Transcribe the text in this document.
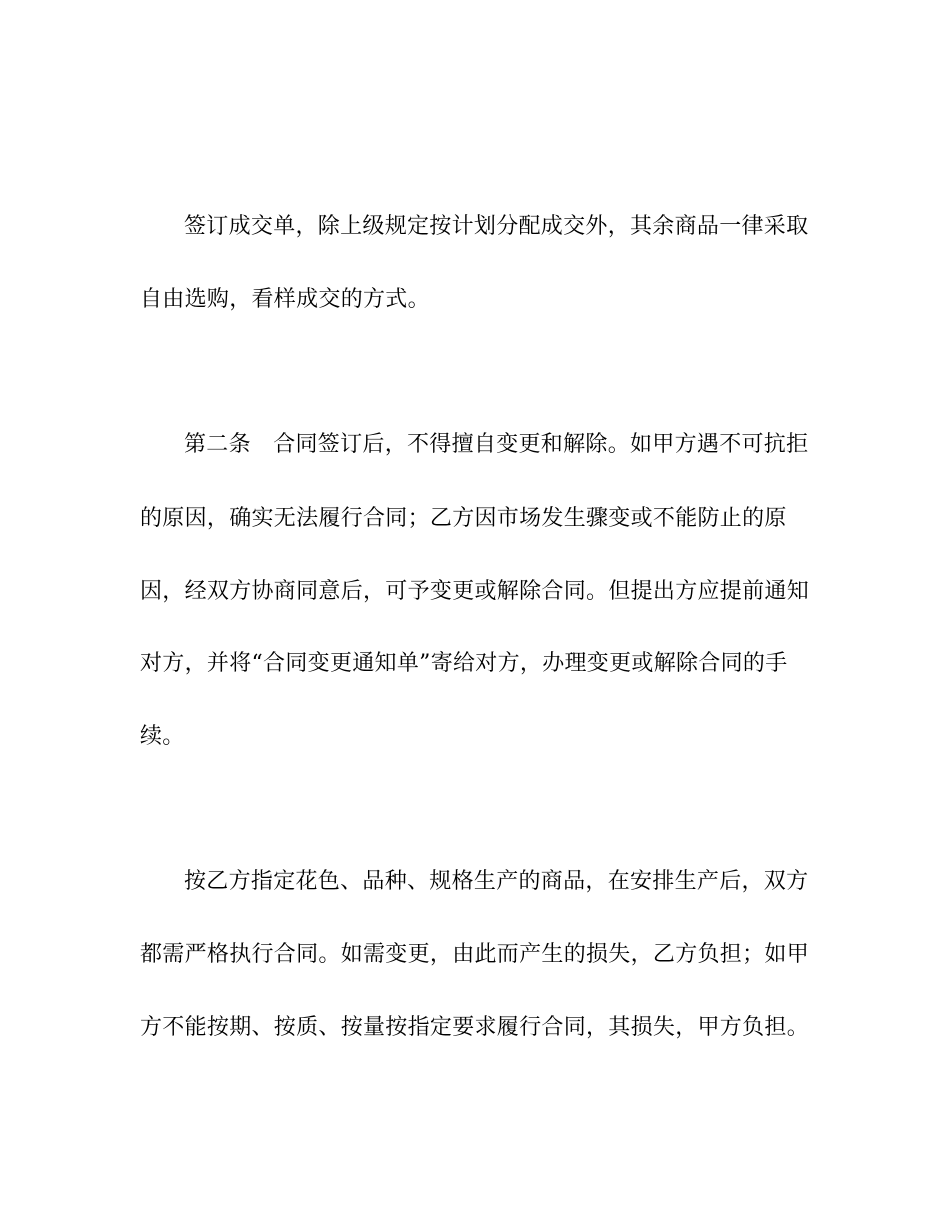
签订成交单，除上级规定按计划分配成交外，其余商品一律采取
自由选购，看样成交的方式。
第二条　合同签订后，不得擅自变更和解除。如甲方遇不可抗拒
的原因，确实无法履行合同；乙方因市场发生骤变或不能防止的原
因，经双方协商同意后，可予变更或解除合同。但提出方应提前通知
对方，并将“合同变更通知单”寄给对方，办理变更或解除合同的手
续。
按乙方指定花色、品种、规格生产的商品，在安排生产后，双方
都需严格执行合同。如需变更，由此而产生的损失，乙方负担；如甲
方不能按期、按质、按量按指定要求履行合同，其损失，甲方负担。
